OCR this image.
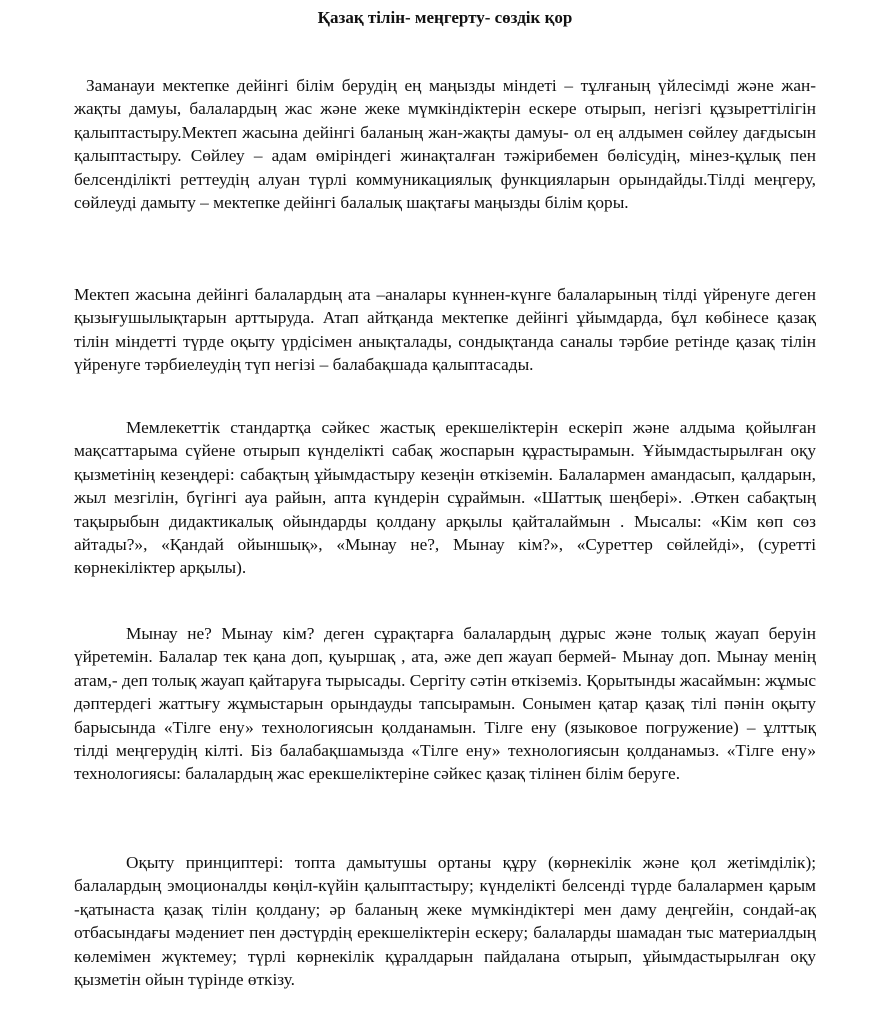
Қазақ тілін- меңгерту- сөздік қор

Заманауи мектепке дейінгі білім берудің ең маңызды міндеті – тұлғаның үйлесімді және жан-жақты дамуы, балалардың жас және жеке мүмкіндіктерін ескере отырып, негізгі құзыреттілігін қалыптастыру.Мектеп жасына дейінгі баланың жан-жақты дамуы- ол ең алдымен сөйлеу дағдысын қалыптастыру. Сөйлеу – адам өміріндегі жинақталған тәжірибемен бөлісудің, мінез-құлық пен белсенділікті реттеудің алуан түрлі коммуникациялық функцияларын орындайды.Тілді меңгеру, сөйлеуді дамыту – мектепке дейінгі балалық шақтағы маңызды білім қоры.

Мектеп жасына дейінгі балалардың ата –аналары күннен-күнге балаларының тілді үйренуге деген қызығушылықтарын арттыруда. Атап айтқанда мектепке дейінгі ұйымдарда, бұл көбінесе қазақ тілін міндетті түрде оқыту үрдісімен анықталады, сондықтанда саналы тәрбие ретінде қазақ тілін үйренуге тәрбиелеудің түп негізі – балабақшада қалыптасады.

Мемлекеттік стандартқа сәйкес жастық ерекшеліктерін ескеріп және алдыма қойылған мақсаттарыма сүйене отырып күнделікті сабақ жоспарын құрастырамын. Ұйымдастырылған оқу қызметінің кезеңдері: сабақтың ұйымдастыру кезеңін өткіземін. Балалармен амандасып, қалдарын, жыл мезгілін, бүгінгі ауа райын, апта күндерін сұраймын. «Шаттық шеңбері». .Өткен сабақтың тақырыбын дидактикалық ойындарды қолдану арқылы қайталаймын . Мысалы: «Кім көп сөз айтады?», «Қандай ойыншық», «Мынау не?, Мынау кім?», «Суреттер сөйлейді», (суретті көрнекіліктер арқылы).

Мынау не? Мынау кім? деген сұрақтарға балалардың дұрыс және толық жауап беруін үйретемін. Балалар тек қана доп, қуыршақ , ата, әже деп жауап бермей- Мынау доп. Мынау менің атам,- деп толық жауап қайтаруға тырысады. Сергіту сәтін өткіземіз. Қорытынды жасаймын: жұмыс дәптердегі жаттығу жұмыстарын орындауды тапсырамын. Сонымен қатар қазақ тілі пәнін оқыту барысында «Тілге ену» технологиясын қолданамын. Тілге ену (языковое погружение) – ұлттық тілді меңгерудің кілті. Біз балабақшамызда «Тілге ену» технологиясын қолданамыз. «Тілге ену» технологиясы: балалардың жас ерекшеліктеріне сәйкес қазақ тілінен білім беруге.

Оқыту принциптері: топта дамытушы ортаны құру (көрнекілік және қол жетімділік); балалардың эмоционалды көңіл-күйін қалыптастыру; күнделікті белсенді түрде балалармен қарым -қатынаста қазақ тілін қолдану; әр баланың жеке мүмкіндіктері мен даму деңгейін, сондай-ақ отбасындағы мәдениет пен дәстүрдің ерекшеліктерін ескеру; балаларды шамадан тыс материалдың көлемімен жүктемеу; түрлі көрнекілік құралдарын пайдалана отырып, ұйымдастырылған оқу қызметін ойын түрінде өткізу.
